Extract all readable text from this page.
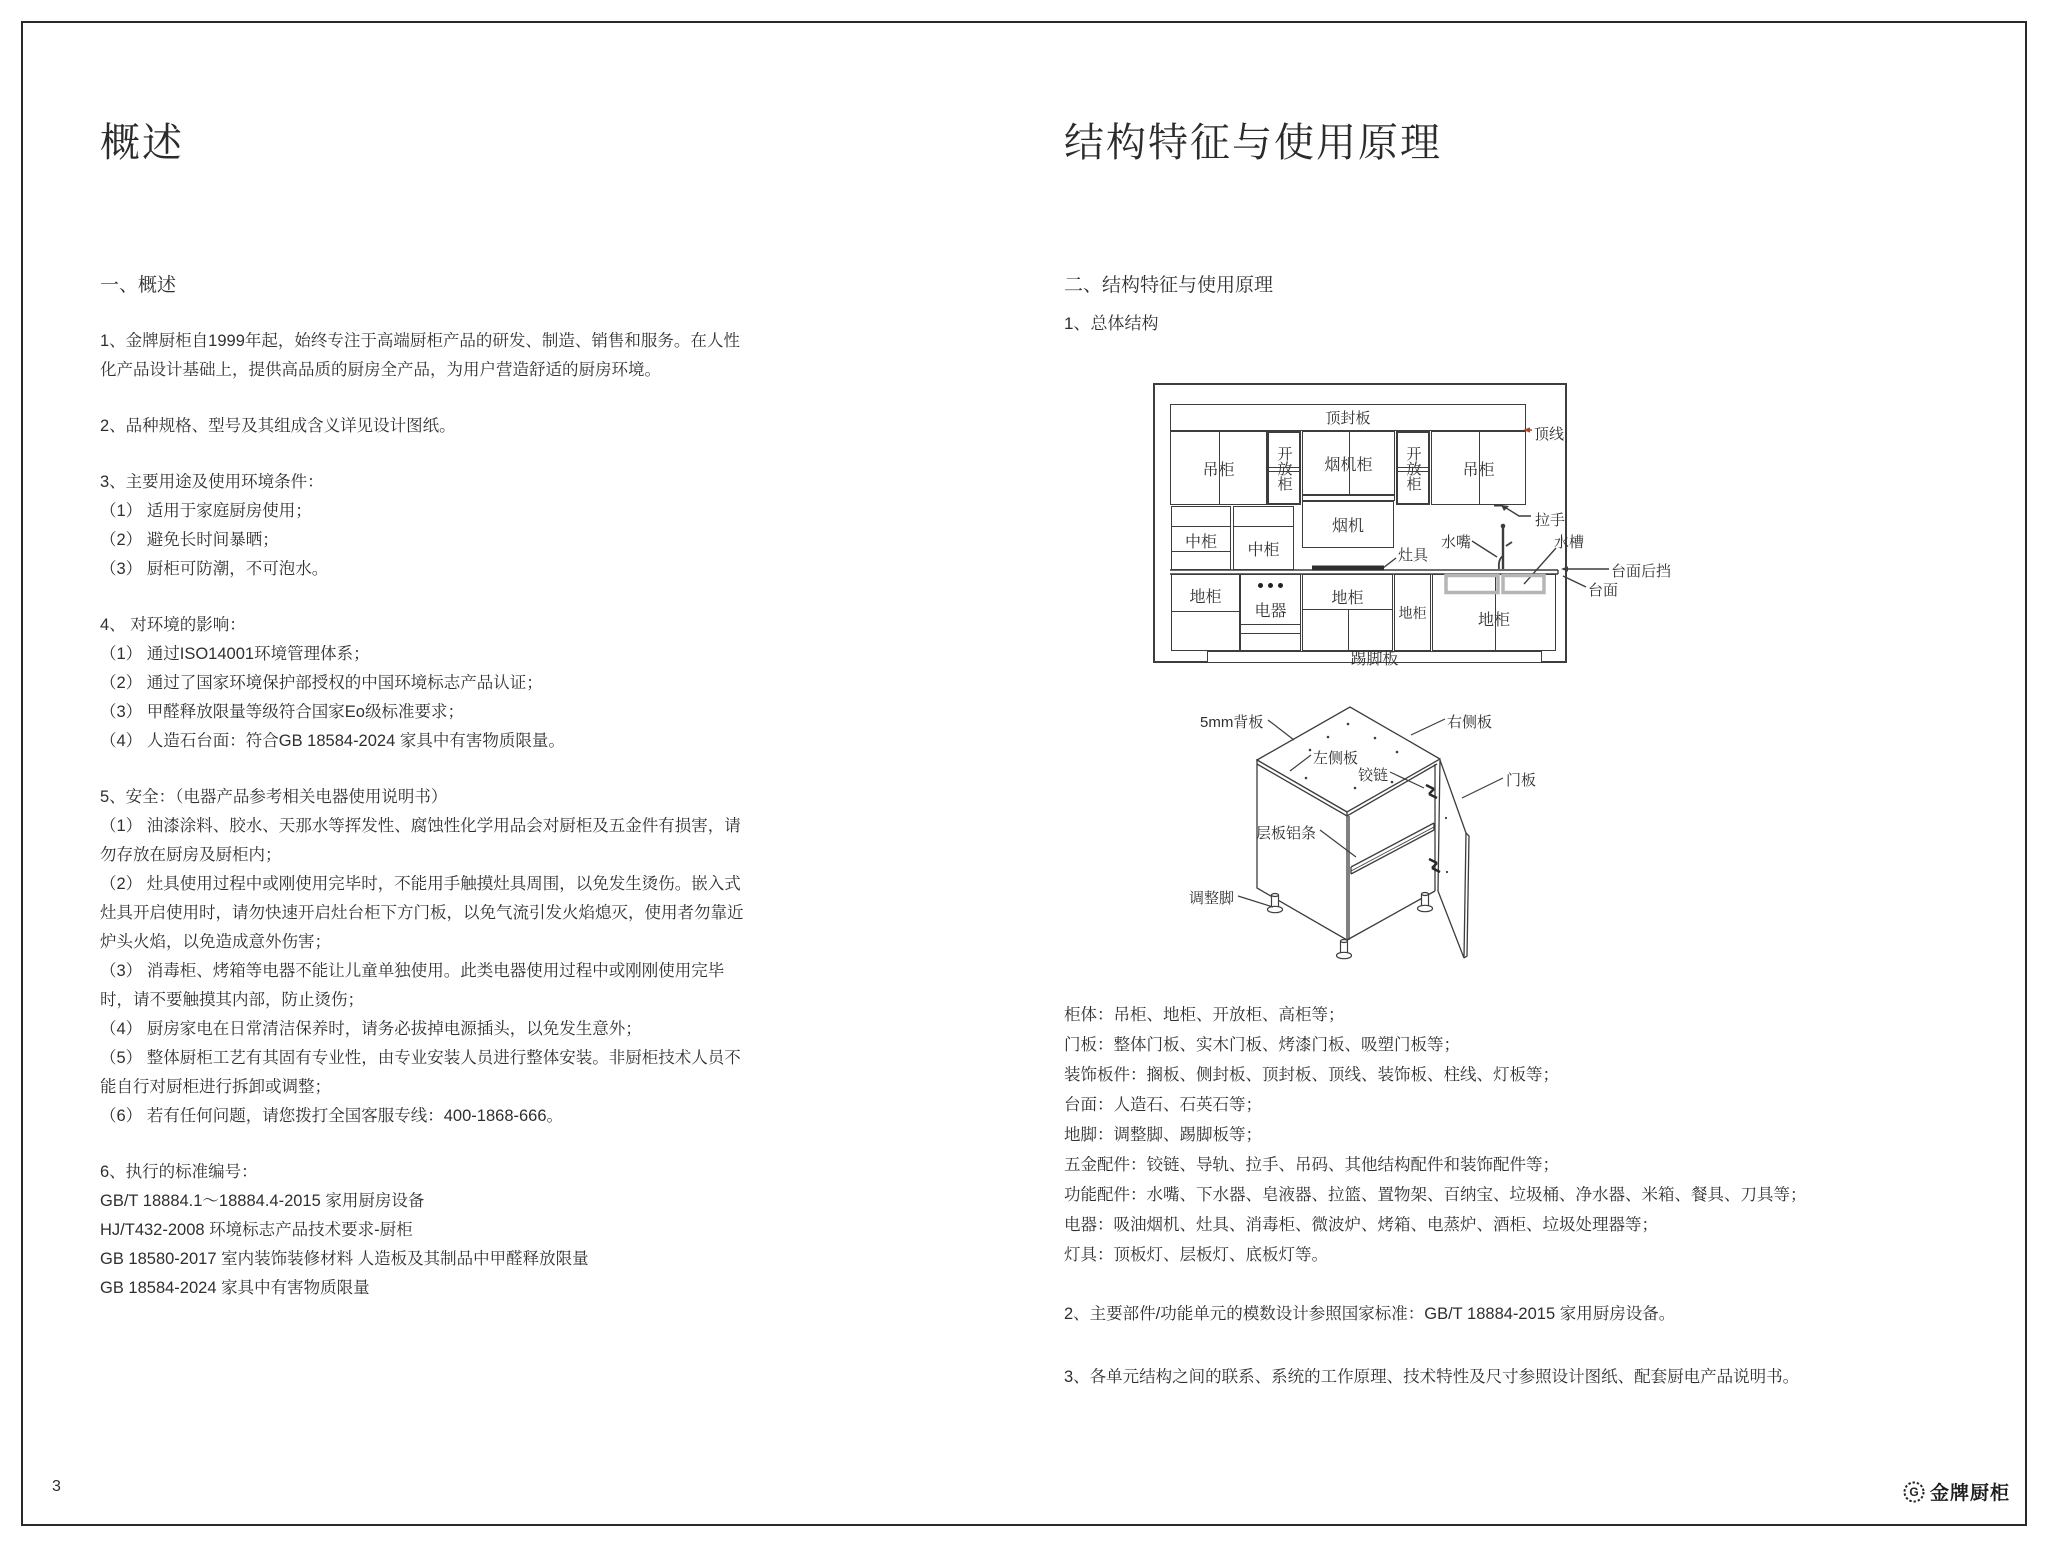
概述
一、概述
1、金牌厨柜自1999年起，始终专注于高端厨柜产品的研发、制造、销售和服务。在人性化产品设计基础上，提供高品质的厨房全产品，为用户营造舒适的厨房环境。
2、品种规格、型号及其组成含义详见设计图纸。
3、主要用途及使用环境条件：
（1） 适用于家庭厨房使用；
（2） 避免长时间暴晒；
（3） 厨柜可防潮，不可泡水。
4、 对环境的影响：
（1） 通过ISO14001环境管理体系；
（2） 通过了国家环境保护部授权的中国环境标志产品认证；
（3） 甲醛释放限量等级符合国家Eo级标准要求；
（4） 人造石台面：符合GB 18584-2024 家具中有害物质限量。
5、安全：（电器产品参考相关电器使用说明书）
（1） 油漆涂料、胶水、天那水等挥发性、腐蚀性化学用品会对厨柜及五金件有损害，请勿存放在厨房及厨柜内；
（2） 灶具使用过程中或刚使用完毕时，不能用手触摸灶具周围，以免发生烫伤。嵌入式灶具开启使用时，请勿快速开启灶台柜下方门板，以免气流引发火焰熄灭，使用者勿靠近炉头火焰，以免造成意外伤害；
（3） 消毒柜、烤箱等电器不能让儿童单独使用。此类电器使用过程中或刚刚使用完毕时，请不要触摸其内部，防止烫伤；
（4） 厨房家电在日常清洁保养时，请务必拔掉电源插头，以免发生意外；
（5） 整体厨柜工艺有其固有专业性，由专业安装人员进行整体安装。非厨柜技术人员不能自行对厨柜进行拆卸或调整；
（6） 若有任何问题，请您拨打全国客服专线：400-1868-666。
6、执行的标准编号：
GB/T 18884.1～18884.4-2015 家用厨房设备
HJ/T432-2008 环境标志产品技术要求-厨柜
GB 18580-2017 室内装饰装修材料 人造板及其制品中甲醛释放限量
GB 18584-2024 家具中有害物质限量
结构特征与使用原理
二、结构特征与使用原理
1、总体结构
顶封板
吊柜	开放柜 烟机柜 开放柜	吊柜
中柜	中柜
烟机
地柜
电器
地柜
地柜	地柜
踢脚板
顶线
拉手
灶具
水嘴	水槽
台面后挡
台面
5mm背板	右侧板
左侧板
铰链	门板
层板铝条
调整脚
柜体：吊柜、地柜、开放柜、高柜等；
门板：整体门板、实木门板、烤漆门板、吸塑门板等；
装饰板件：搁板、侧封板、顶封板、顶线、装饰板、柱线、灯板等；
台面：人造石、石英石等；
地脚：调整脚、踢脚板等；
五金配件：铰链、导轨、拉手、吊码、其他结构配件和装饰配件等；
功能配件：水嘴、下水器、皂液器、拉篮、置物架、百纳宝、垃圾桶、净水器、米箱、餐具、刀具等；
电器：吸油烟机、灶具、消毒柜、微波炉、烤箱、电蒸炉、酒柜、垃圾处理器等；
灯具：顶板灯、层板灯、底板灯等。
2、主要部件/功能单元的模数设计参照国家标准：GB/T 18884-2015 家用厨房设备。
3、各单元结构之间的联系、系统的工作原理、技术特性及尺寸参照设计图纸、配套厨电产品说明书。
3	G 金牌厨柜
